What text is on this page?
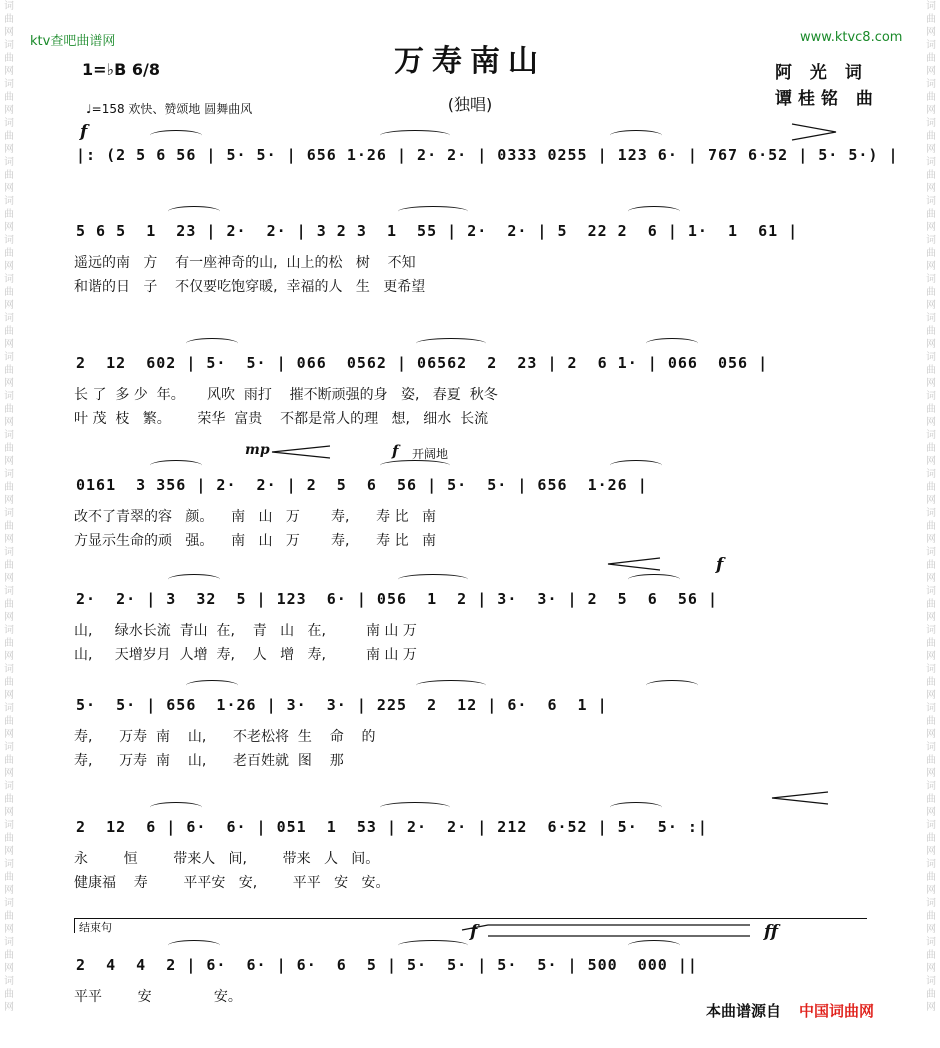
词曲网
词曲网
词曲网
词曲网
词曲网
词曲网
词曲网
词曲网
词曲网
词曲网
词曲网
词曲网
词曲网
词曲网
词曲网
词曲网
词曲网
词曲网
词曲网
词曲网
词曲网
词曲网
词曲网
词曲网
词曲网
词曲网

词曲网
词曲网
词曲网
词曲网
词曲网
词曲网
词曲网
词曲网
词曲网
词曲网
词曲网
词曲网
词曲网
词曲网
词曲网
词曲网
词曲网
词曲网
词曲网
词曲网
词曲网
词曲网
词曲网
词曲网
词曲网
词曲网

ktv查吧曲谱网	www.ktvc8.com
万寿南山
(独唱)
阿 光 词
谭桂铭 曲
1=♭B 6/8
♩=158 欢快、赞颂地 圆舞曲风
f
mp	f 开阔地
f
f	ff
|: (2 5 6 56 | 5· 5· | 656 1·26 | 2· 2· | 0333 0255 | 123 6· | 767 6·52 | 5· 5·) |
5 6 5  1  23 | 2·  2· | 3 2 3  1  55 | 2·  2· | 5  22 2  6 | 1·  1  61 |
遥远的南   方    有一座神奇的山,  山上的松   树    不知
和谐的日   子    不仅要吃饱穿暖,  幸福的人   生   更希望
2  12  602 | 5·  5· | 066  0562 | 06562  2  23 | 2  6 1· | 066  056 |
长 了  多 少  年。     风吹  雨打    摧不断顽强的身   姿,   春夏  秋冬
叶 茂  枝   繁。      荣华  富贵    不都是常人的理   想,   细水  长流
0161  3 356 | 2·  2· | 2  5  6  56 | 5·  5· | 656  1·26 |
改不了青翠的容   颜。    南   山   万       寿,      寿 比   南
方显示生命的顽   强。    南   山   万       寿,      寿 比   南
2·  2· | 3  32  5 | 123  6· | 056  1  2 | 3·  3· | 2  5  6  56 |
山,     绿水长流  青山  在,    青   山   在,         南 山 万
山,     天增岁月  人增  寿,    人   增   寿,         南 山 万
5·  5· | 656  1·26 | 3·  3· | 225  2  12 | 6·  6  1 |
寿,      万寿  南    山,      不老松将  生    命    的
寿,      万寿  南    山,      老百姓就  图    那
2  12  6 | 6·  6· | 051  1  53 | 2·  2· | 212  6·52 | 5·  5· :|
永        恒        带来人   间,        带来   人   间。
健康福    寿        平平安   安,        平平   安   安。
2  4  4  2 | 6·  6· | 6·  6  5 | 5·  5· | 5·  5· | 500  000 ||
平平        安              安。
结束句
本曲谱源自 中国词曲网
